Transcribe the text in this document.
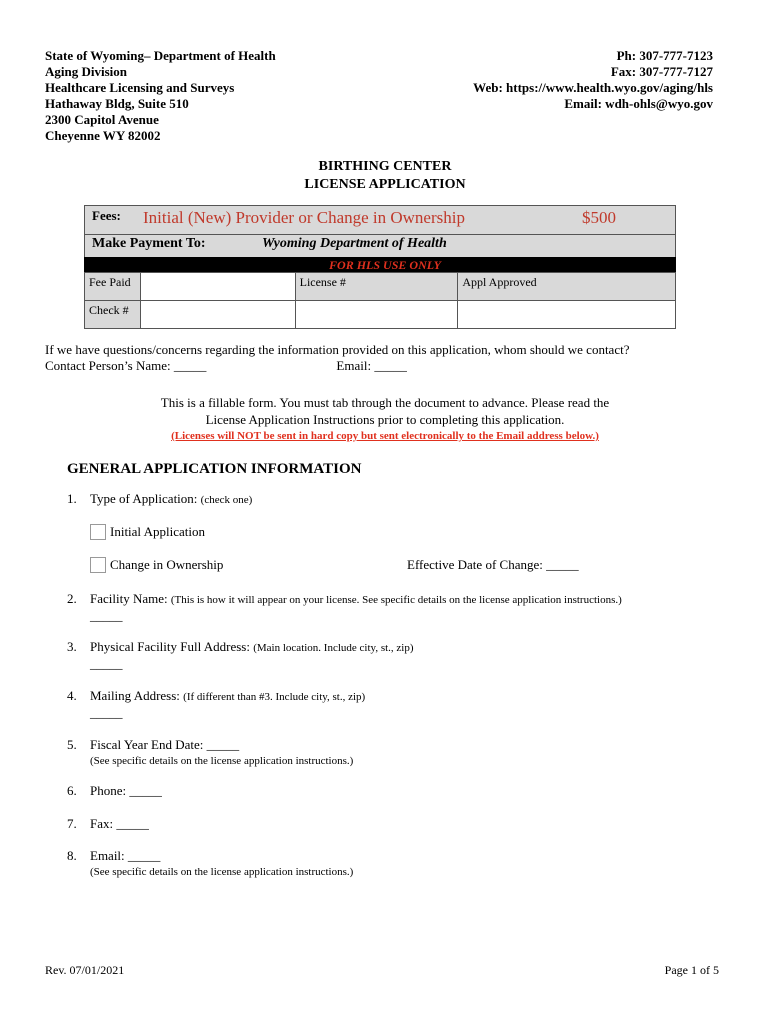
State of Wyoming– Department of Health
Aging Division
Healthcare Licensing and Surveys
Hathaway Bldg, Suite 510
2300 Capitol Avenue
Cheyenne WY 82002
Ph: 307-777-7123
Fax: 307-777-7127
Web: https://www.health.wyo.gov/aging/hls
Email: wdh-ohls@wyo.gov
BIRTHING CENTER
LICENSE APPLICATION

Fees: Initial (New) Provider or Change in Ownership	$500
Make Payment To:	Wyoming Department of Health
FOR HLS USE ONLY
Fee Paid		License #	Appl Approved
Check #			
If we have questions/concerns regarding the information provided on this application, whom should we contact?
Contact Person’s Name: _____	Email: _____
This is a fillable form. You must tab through the document to advance. Please read the
License Application Instructions prior to completing this application.
(Licenses will NOT be sent in hard copy but sent electronically to the Email address below.)
GENERAL APPLICATION INFORMATION
1. Type of Application: (check one)
Initial Application
Change in Ownership	Effective Date of Change: _____
2. Facility Name: (This is how it will appear on your license. See specific details on the license application instructions.)
_____
3. Physical Facility Full Address: (Main location. Include city, st., zip)
_____
4. Mailing Address: (If different than #3. Include city, st., zip)
_____
5. Fiscal Year End Date: _____
(See specific details on the license application instructions.)
6. Phone: _____
7. Fax: _____
8. Email: _____
(See specific details on the license application instructions.)
Rev. 07/01/2021	Page 1 of 5
